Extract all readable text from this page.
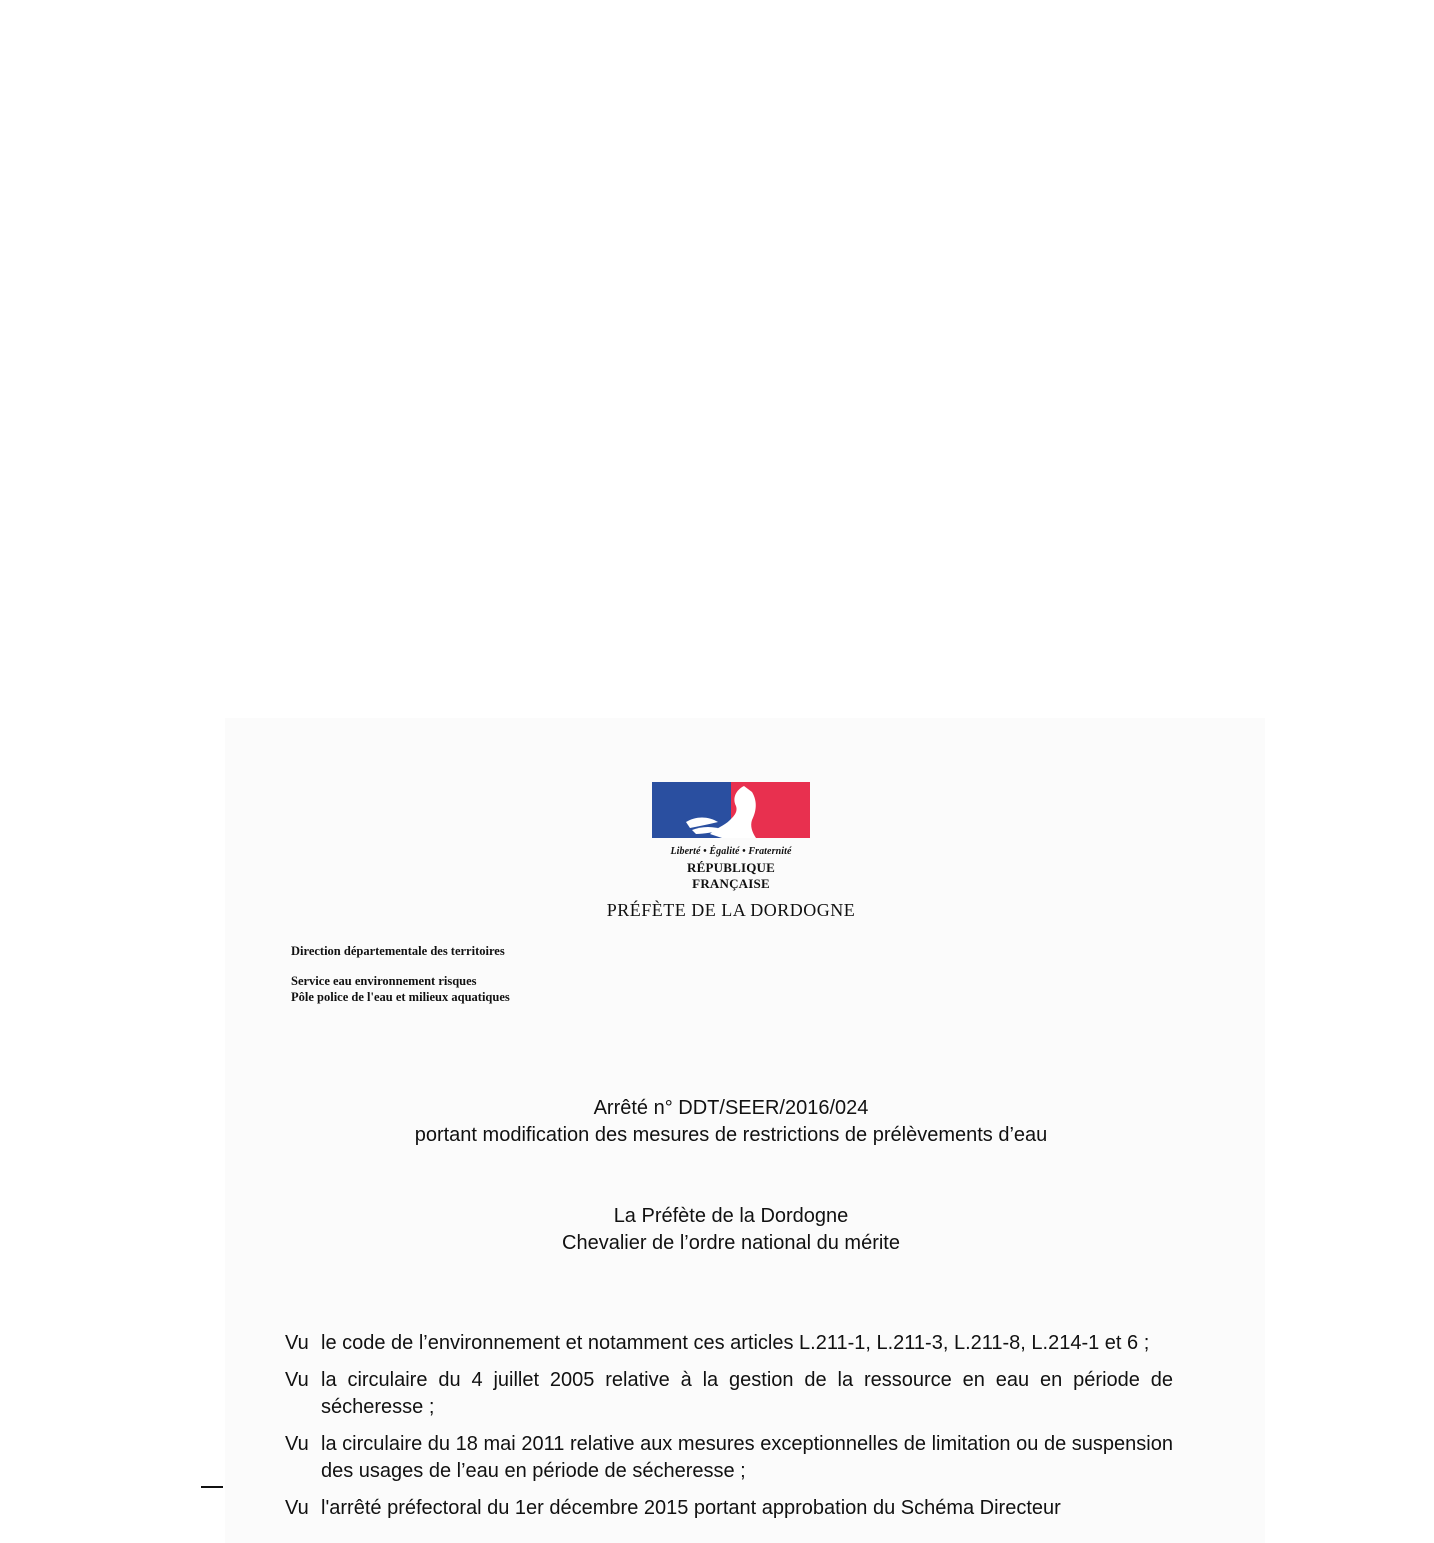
Liberté • Égalité • Fraternité
RÉPUBLIQUE FRANÇAISE
PRÉFÈTE DE LA DORDOGNE
Direction départementale des territoires
Service eau environnement risques
Pôle police de l'eau et milieux aquatiques
Arrêté n° DDT/SEER/2016/024
portant modification des mesures de restrictions de prélèvements d’eau
La Préfète de la Dordogne
Chevalier de l’ordre national du mérite
Vu le code de l’environnement et notamment ces articles L.211-1, L.211-3, L.211-8, L.214-1 et 6 ;
Vu la circulaire du 4 juillet 2005 relative à la gestion de la ressource en eau en période de sécheresse ;
Vu la circulaire du 18 mai 2011 relative aux mesures exceptionnelles de limitation ou de suspension des usages de l’eau en période de sécheresse ;
Vu l'arrêté préfectoral du 1er décembre 2015 portant approbation du Schéma Directeur
